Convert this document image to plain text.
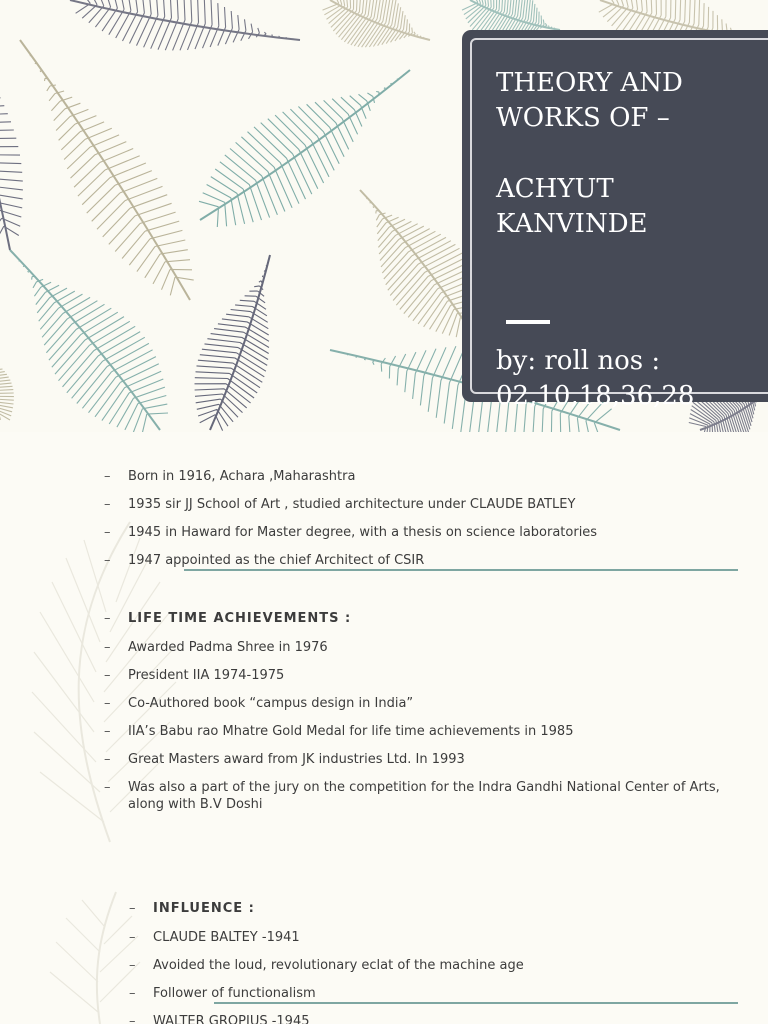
THEORY AND
WORKS OF –
ACHYUT
KANVINDE

by: roll nos :
02,10,18,36,28

– Born in 1916, Achara ,Maharashtra
– 1935 sir JJ School of Art , studied architecture under CLAUDE BATLEY
– 1945 in Haward for Master degree, with a thesis on science laboratories
– 1947 appointed as the chief Architect of CSIR
– LIFE TIME ACHIEVEMENTS :
– Awarded Padma Shree in 1976
– President IIA 1974-1975
– Co-Authored book “campus design in India”
– IIA’s Babu rao Mhatre Gold Medal for life time achievements in 1985
– Great Masters award from JK industries Ltd. In 1993
– Was also a part of the jury on the competition for the Indra Gandhi National Center of Arts, along with B.V Doshi
– INFLUENCE :
– CLAUDE BALTEY -1941
– Avoided the loud, revolutionary eclat of the machine age
– Follower of functionalism
– WALTER GROPIUS -1945
